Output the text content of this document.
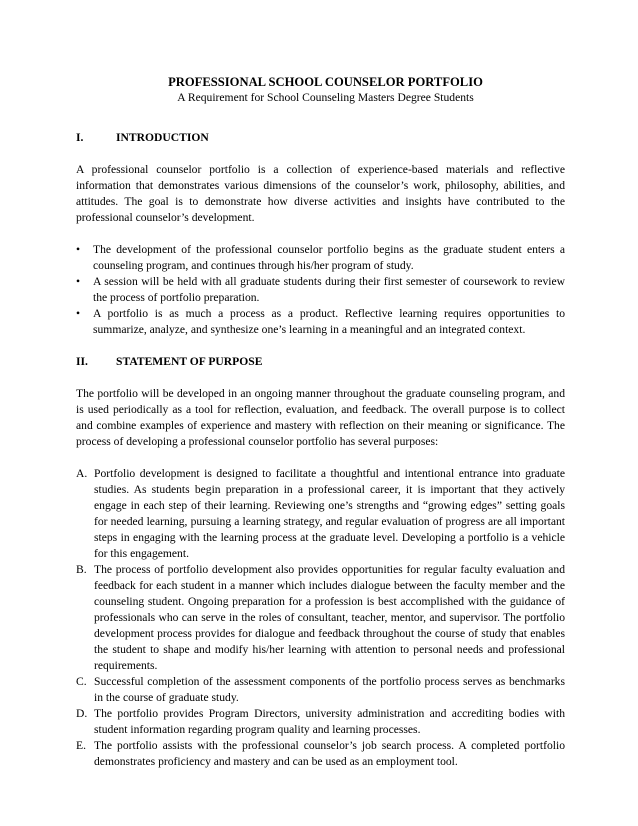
PROFESSIONAL SCHOOL COUNSELOR PORTFOLIO
A Requirement for School Counseling Masters Degree Students
I.	INTRODUCTION

A professional counselor portfolio is a collection of experience-based materials and reflective information that demonstrates various dimensions of the counselor’s work, philosophy, abilities, and attitudes. The goal is to demonstrate how diverse activities and insights have contributed to the professional counselor’s development.

•	The development of the professional counselor portfolio begins as the graduate student enters a counseling program, and continues through his/her program of study.
•	A session will be held with all graduate students during their first semester of coursework to review the process of portfolio preparation.
•	A portfolio is as much a process as a product. Reflective learning requires opportunities to summarize, analyze, and synthesize one’s learning in a meaningful and an integrated context.
II.	STATEMENT OF PURPOSE

The portfolio will be developed in an ongoing manner throughout the graduate counseling program, and is used periodically as a tool for reflection, evaluation, and feedback. The overall purpose is to collect and combine examples of experience and mastery with reflection on their meaning or significance. The process of developing a professional counselor portfolio has several purposes:

A. Portfolio development is designed to facilitate a thoughtful and intentional entrance into graduate studies. As students begin preparation in a professional career, it is important that they actively engage in each step of their learning. Reviewing one’s strengths and “growing edges” setting goals for needed learning, pursuing a learning strategy, and regular evaluation of progress are all important steps in engaging with the learning process at the graduate level. Developing a portfolio is a vehicle for this engagement.
B. The process of portfolio development also provides opportunities for regular faculty evaluation and feedback for each student in a manner which includes dialogue between the faculty member and the counseling student. Ongoing preparation for a profession is best accomplished with the guidance of professionals who can serve in the roles of consultant, teacher, mentor, and supervisor. The portfolio development process provides for dialogue and feedback throughout the course of study that enables the student to shape and modify his/her learning with attention to personal needs and professional requirements.
C. Successful completion of the assessment components of the portfolio process serves as benchmarks in the course of graduate study.
D. The portfolio provides Program Directors, university administration and accrediting bodies with student information regarding program quality and learning processes.
E. The portfolio assists with the professional counselor’s job search process. A completed portfolio demonstrates proficiency and mastery and can be used as an employment tool.
